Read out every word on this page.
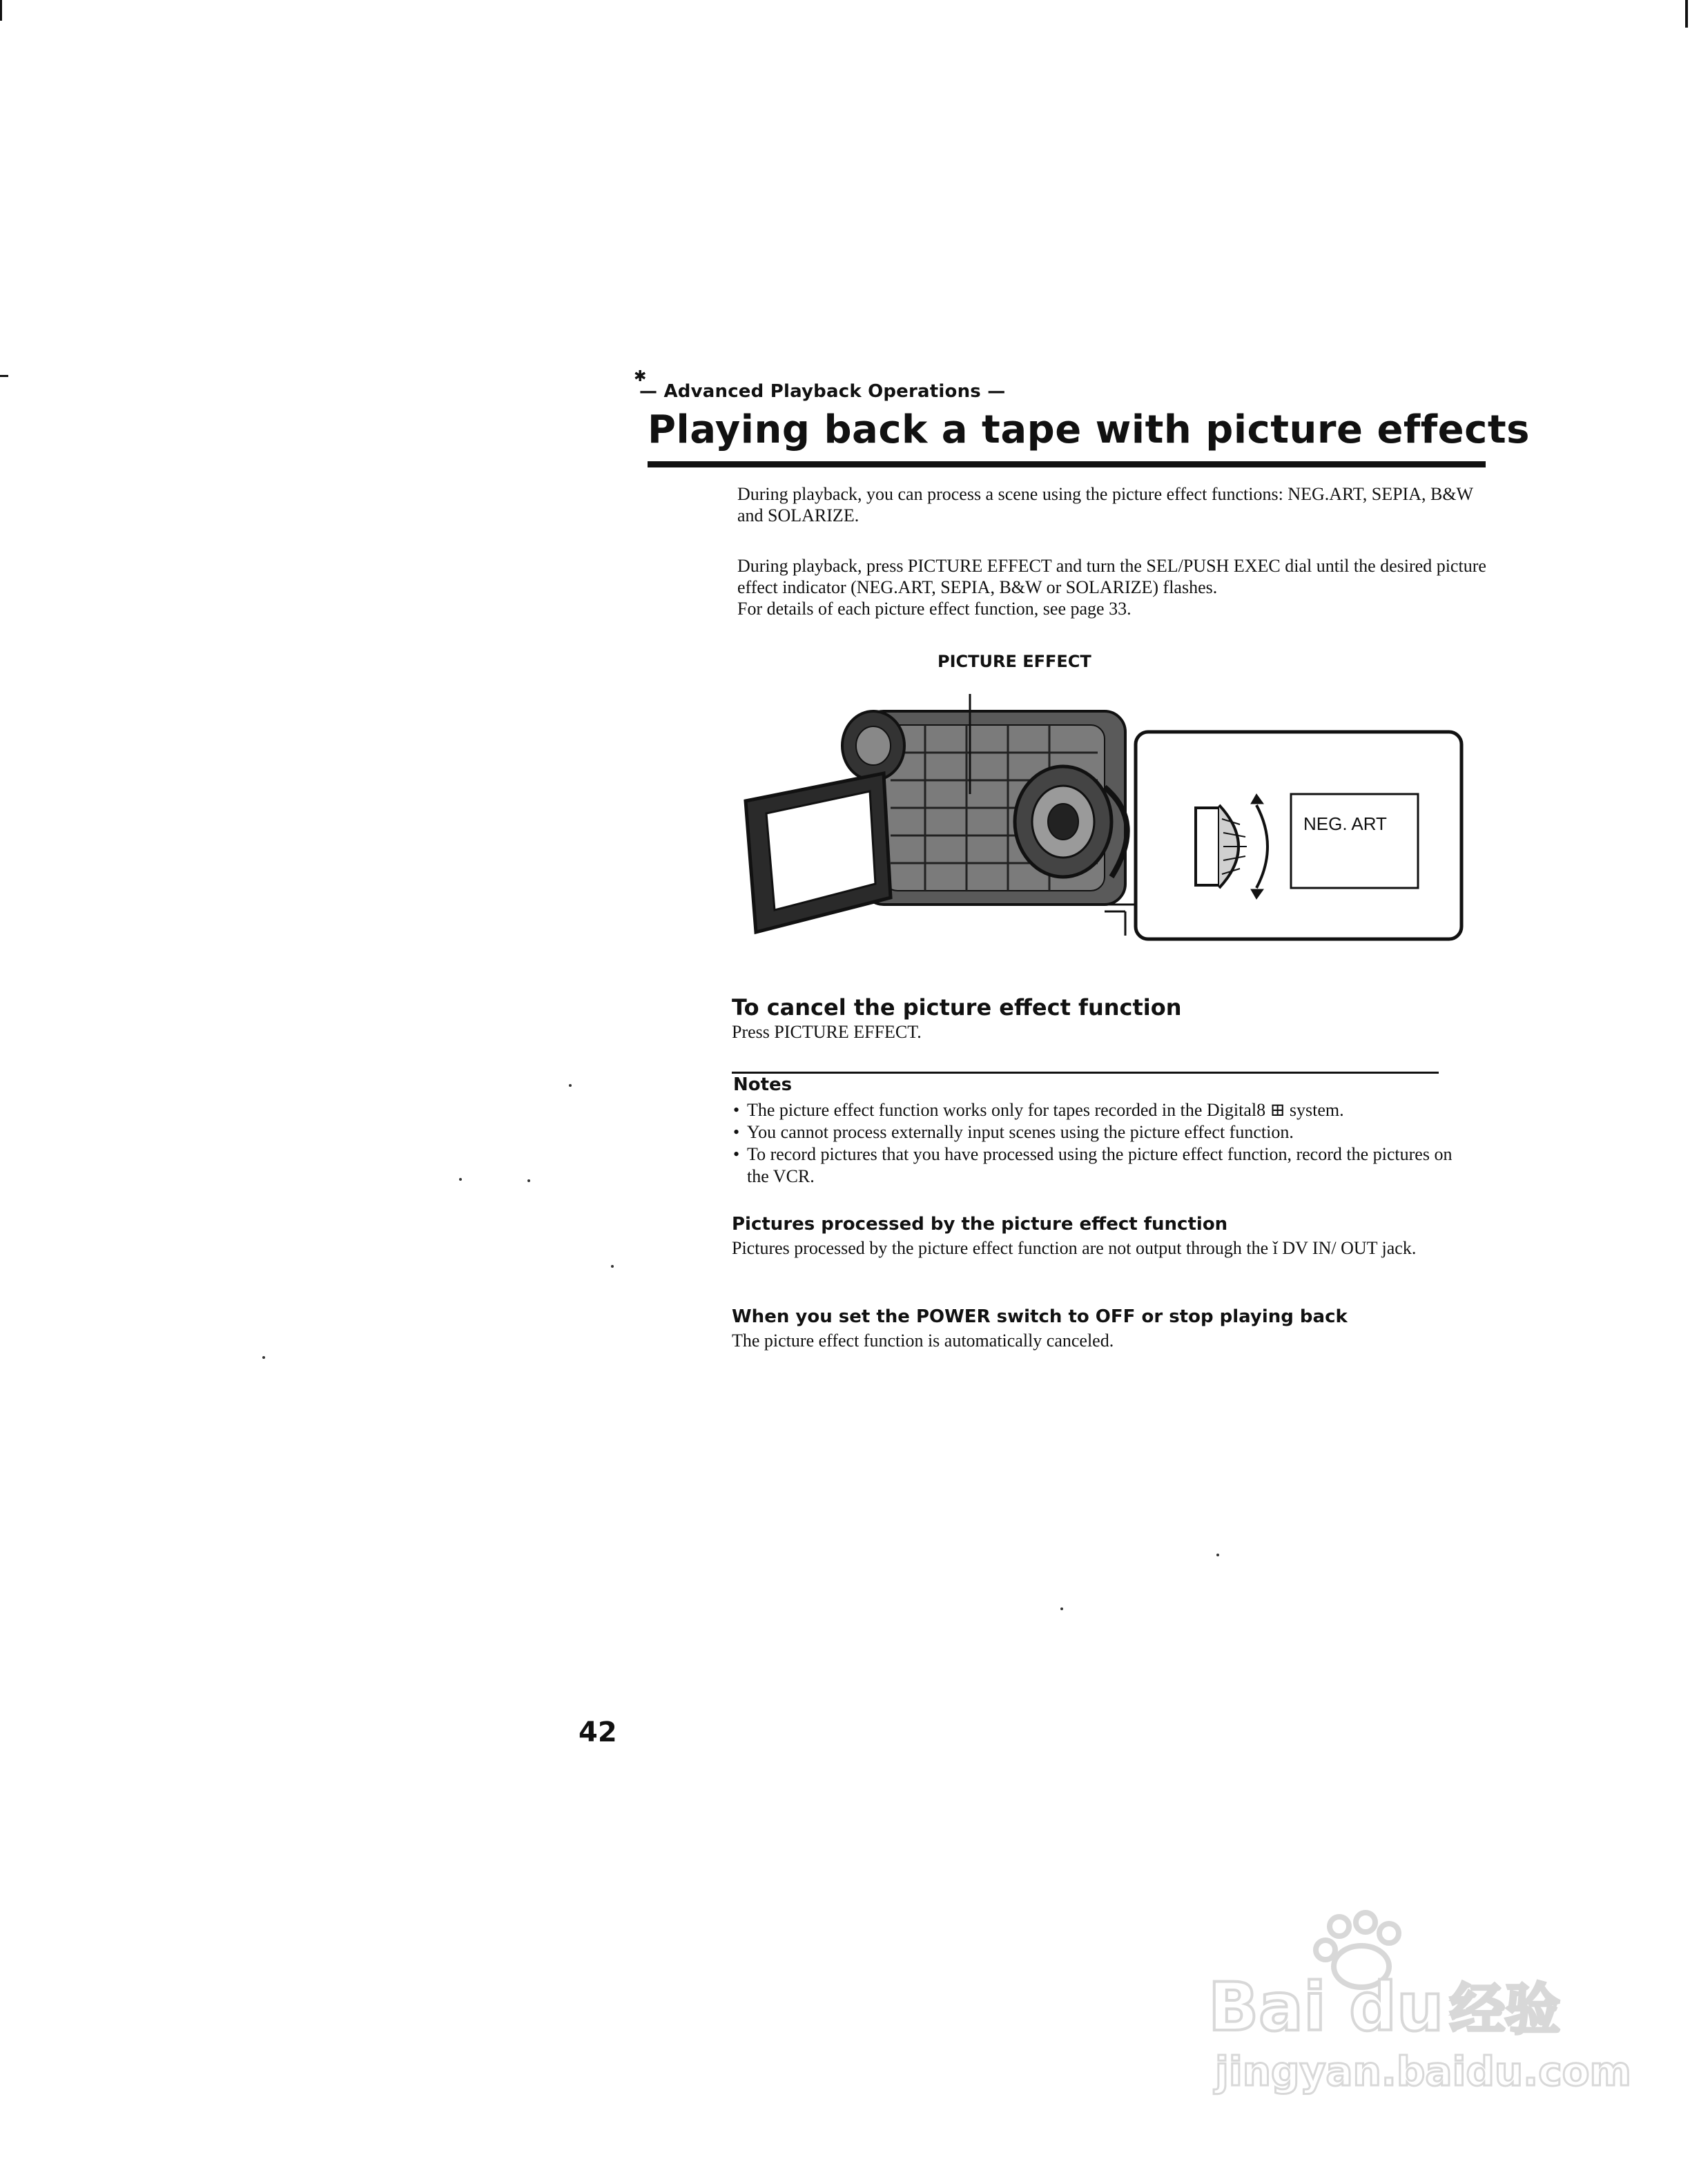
✱
— Advanced Playback Operations —
Playing back a tape with picture effects

During playback, you can process a scene using the picture effect functions: NEG.ART, SEPIA, B&W and SOLARIZE.

During playback, press PICTURE EFFECT and turn the SEL/PUSH EXEC dial until the desired picture effect indicator (NEG.ART, SEPIA, B&W or SOLARIZE) flashes.
For details of each picture effect function, see page 33.
NEG. ART
PICTURE EFFECT
To cancel the picture effect function
Press PICTURE EFFECT.
Notes
• The picture effect function works only for tapes recorded in the Digital8 ⊞ system.
• You cannot process externally input scenes using the picture effect function.
• To record pictures that you have processed using the picture effect function, record the pictures on the VCR.
Pictures processed by the picture effect function
Pictures processed by the picture effect function are not output through the ǐ DV IN/ OUT jack.
When you set the POWER switch to OFF or stop playing back
The picture effect function is automatically canceled.
42
Bai du 经验
jingyan.baidu.com
